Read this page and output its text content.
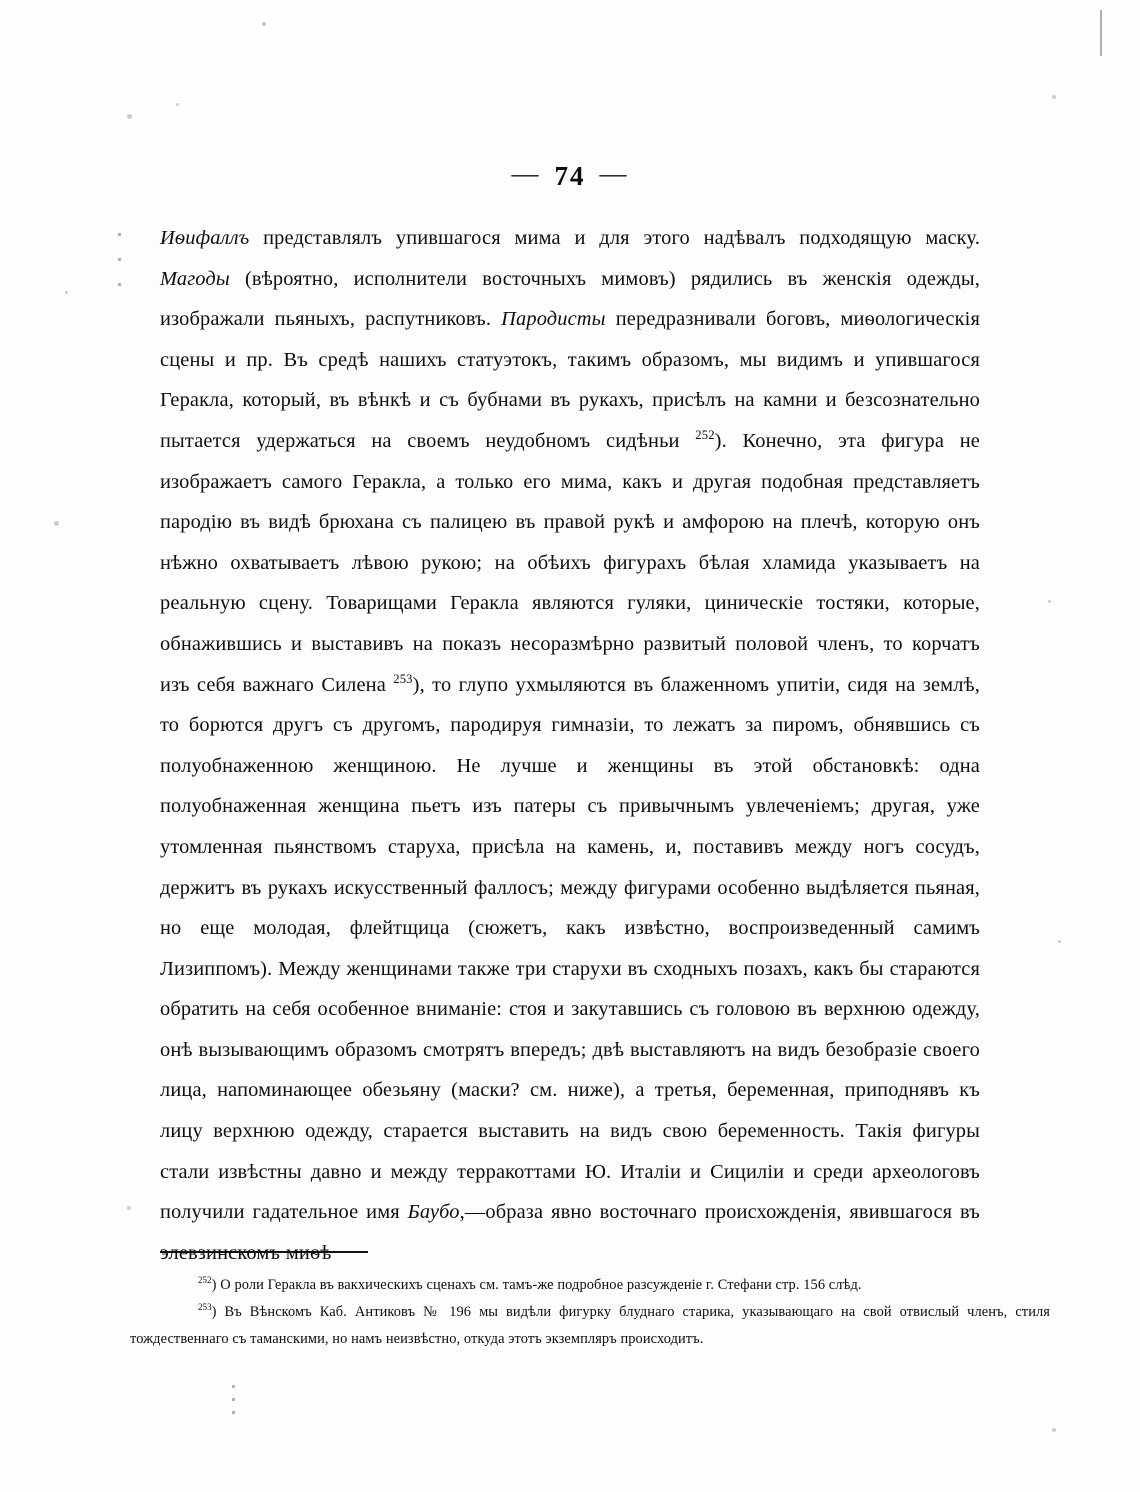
— 74 —

Иѳифаллъ представлялъ упившагося мима и для этого надѣвалъ подходящую маску. Магоды (вѣроятно, исполнители восточныхъ мимовъ) рядились въ женскія одежды, изображали пьяныхъ, распутниковъ. Пародисты передразнивали боговъ, миѳологическія сцены и пр. Въ средѣ нашихъ статуэтокъ, такимъ образомъ, мы видимъ и упившагося Геракла, который, въ вѣнкѣ и съ бубнами въ рукахъ, присѣлъ на камни и безсознательно пытается удержаться на своемъ неудобномъ сидѣньи $^{252}$). Конечно, эта фигура не изображаетъ самого Геракла, а только его мима, какъ и другая подобная представляетъ пародію въ видѣ брюхана съ палицею въ правой рукѣ и амфорою на плечѣ, которую онъ нѣжно охватываетъ лѣвою рукою; на обѣихъ фигурахъ бѣлая хламида указываетъ на реальную сцену. Товарищами Геракла являются гуляки, циническіе тостяки, которые, обнажившись и выставивъ на показъ несоразмѣрно развитый половой членъ, то корчатъ изъ себя важнаго Силена $^{253}$), то глупо ухмыляются въ блаженномъ упитіи, сидя на землѣ, то борются другъ съ другомъ, пародируя гимназіи, то лежатъ за пиромъ, обнявшись съ полуобнаженною женщиною. Не лучше и женщины въ этой обстановкѣ: одна полуобнаженная женщина пьетъ изъ патеры съ привычнымъ увлеченіемъ; другая, уже утомленная пьянствомъ старуха, присѣла на камень, и, поставивъ между ногъ сосудъ, держитъ въ рукахъ искусственный фаллосъ; между фигурами особенно выдѣляется пьяная, но еще молодая, флейтщица (сюжетъ, какъ извѣстно, воспроизведенный самимъ Лизиппомъ). Между женщинами также три старухи въ сходныхъ позахъ, какъ бы стараются обратить на себя особенное вниманіе: стоя и закутавшись съ головою въ верхнюю одежду, онѣ вызывающимъ образомъ смотрятъ впередъ; двѣ выставляютъ на видъ безобразіе своего лица, напоминающее обезьяну (маски? см. ниже), а третья, беременная, приподнявъ къ лицу верхнюю одежду, старается выставить на видъ свою беременность. Такія фигуры стали извѣстны давно и между терракоттами Ю. Италіи и Сициліи и среди археологовъ получили гадательное имя Баубо,—образа явно восточнаго происхожденія, явившагося въ элевзинскомъ миѳѣ

$^{252}$) О роли Геракла въ вакхическихъ сценахъ см. тамъ-же подробное разсужденіе г. Стефани стр. 156 слѣд.

$^{253}$) Въ Вѣнскомъ Каб. Антиковъ № 196 мы видѣли фигурку блуднаго старика, указывающаго на свой отвислый членъ, стиля тождественнаго съ таманскими, но намъ неизвѣстно, откуда этотъ экземпляръ происходитъ.
